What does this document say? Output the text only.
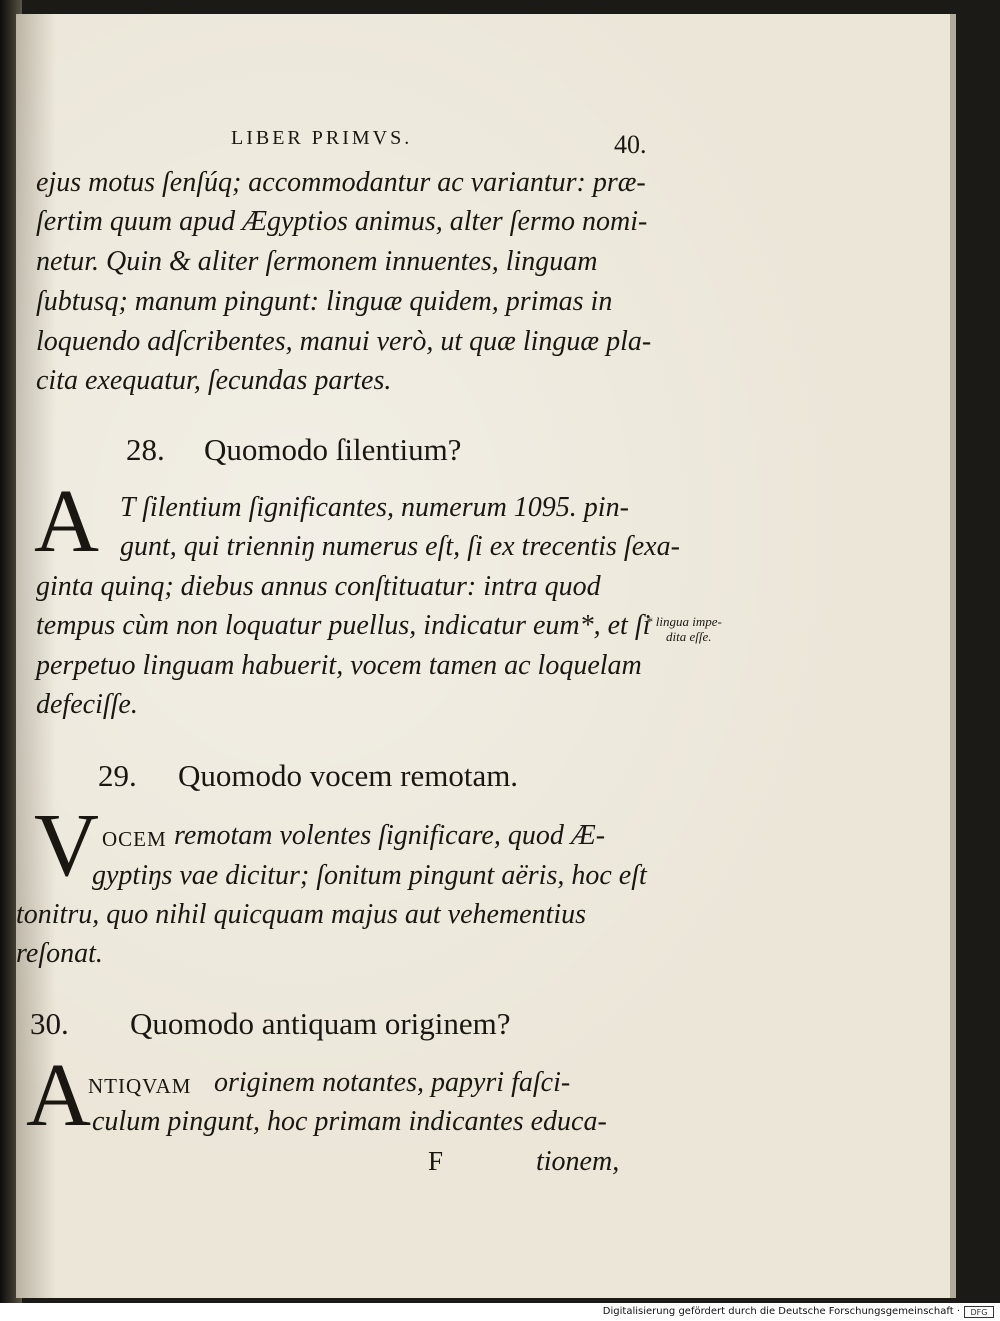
LIBER PRIMVS.	40.
ejus motus ſenſúq; accommodantur ac variantur: præ-
ſertim quum apud Ægyptios animus, alter ſermo nomi-
netur. Quin & aliter ſermonem innuentes, linguam
ſubtusq; manum pingunt: linguæ quidem, primas in
loquendo adſcribentes, manui verò, ut quæ linguæ pla-
cita exequatur, ſecundas partes.
28. Quomodo ſilentium?
A T ſilentium ſignificantes, numerum 1095. pin-
gunt, qui trienniŋ numerus eſt, ſi ex trecentis ſexa-
ginta quinq; diebus annus conſtituatur: intra quod
tempus cùm non loquatur puellus, indicatur eum*, et ſi
perpetuo linguam habuerit, vocem tamen ac loquelam
defeciſſe.
* lingua impe-
dita eſſe.
29. Quomodo vocem remotam.
V OCEM remotam volentes ſignificare, quod Æ-
gyptiŋs vae dicitur; ſonitum pingunt aëris, hoc eſt
tonitru, quo nihil quicquam majus aut vehementius
reſonat.
30. Quomodo antiquam originem?
A
NTIQVAM originem notantes, papyri faſci-
culum pingunt, hoc primam indicantes educa-
F	tionem,
Digitalisierung gefördert durch die Deutsche Forschungsgemeinschaft ·	DFG
